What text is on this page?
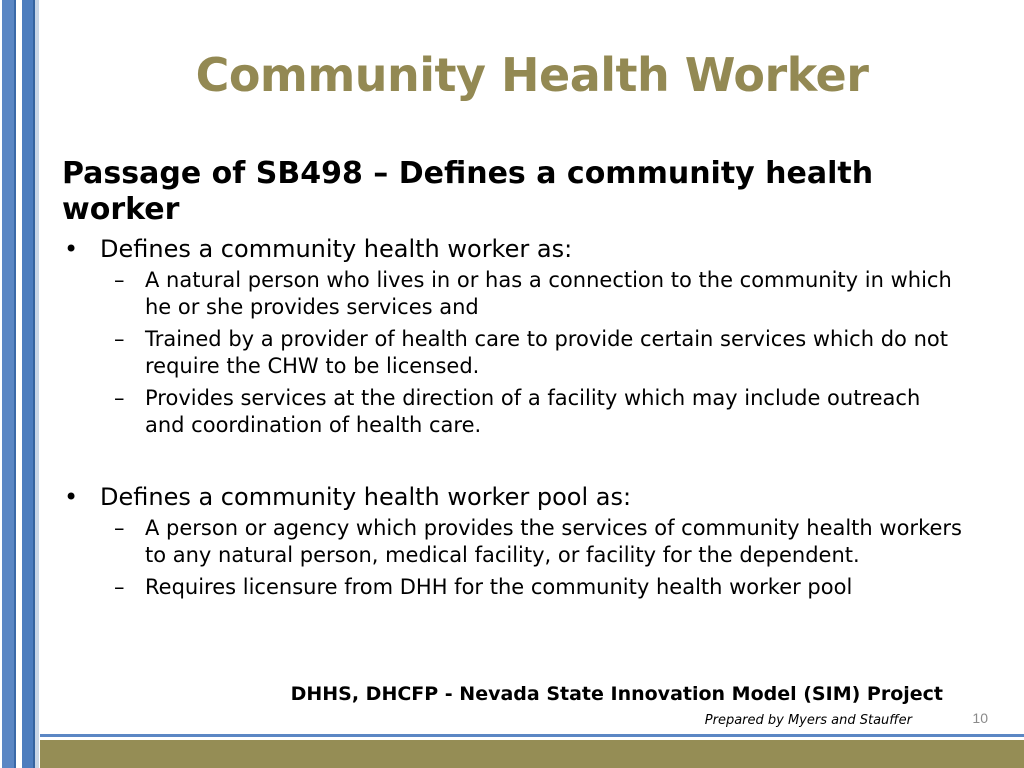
Community Health Worker

Passage of SB498 – Defines a community health worker

• Defines a community health worker as:
– A natural person who lives in or has a connection to the community in which he or she provides services and
– Trained by a provider of health care to provide certain services which do not require the CHW to be licensed.
– Provides services at the direction of a facility which may include outreach and coordination of health care.
• Defines a community health worker pool as:
– A person or agency which provides the services of community health workers to any natural person, medical facility, or facility for the dependent.
– Requires licensure from DHH for the community health worker pool
DHHS, DHCFP - Nevada State Innovation Model (SIM) Project
Prepared by Myers and Stauffer	10
